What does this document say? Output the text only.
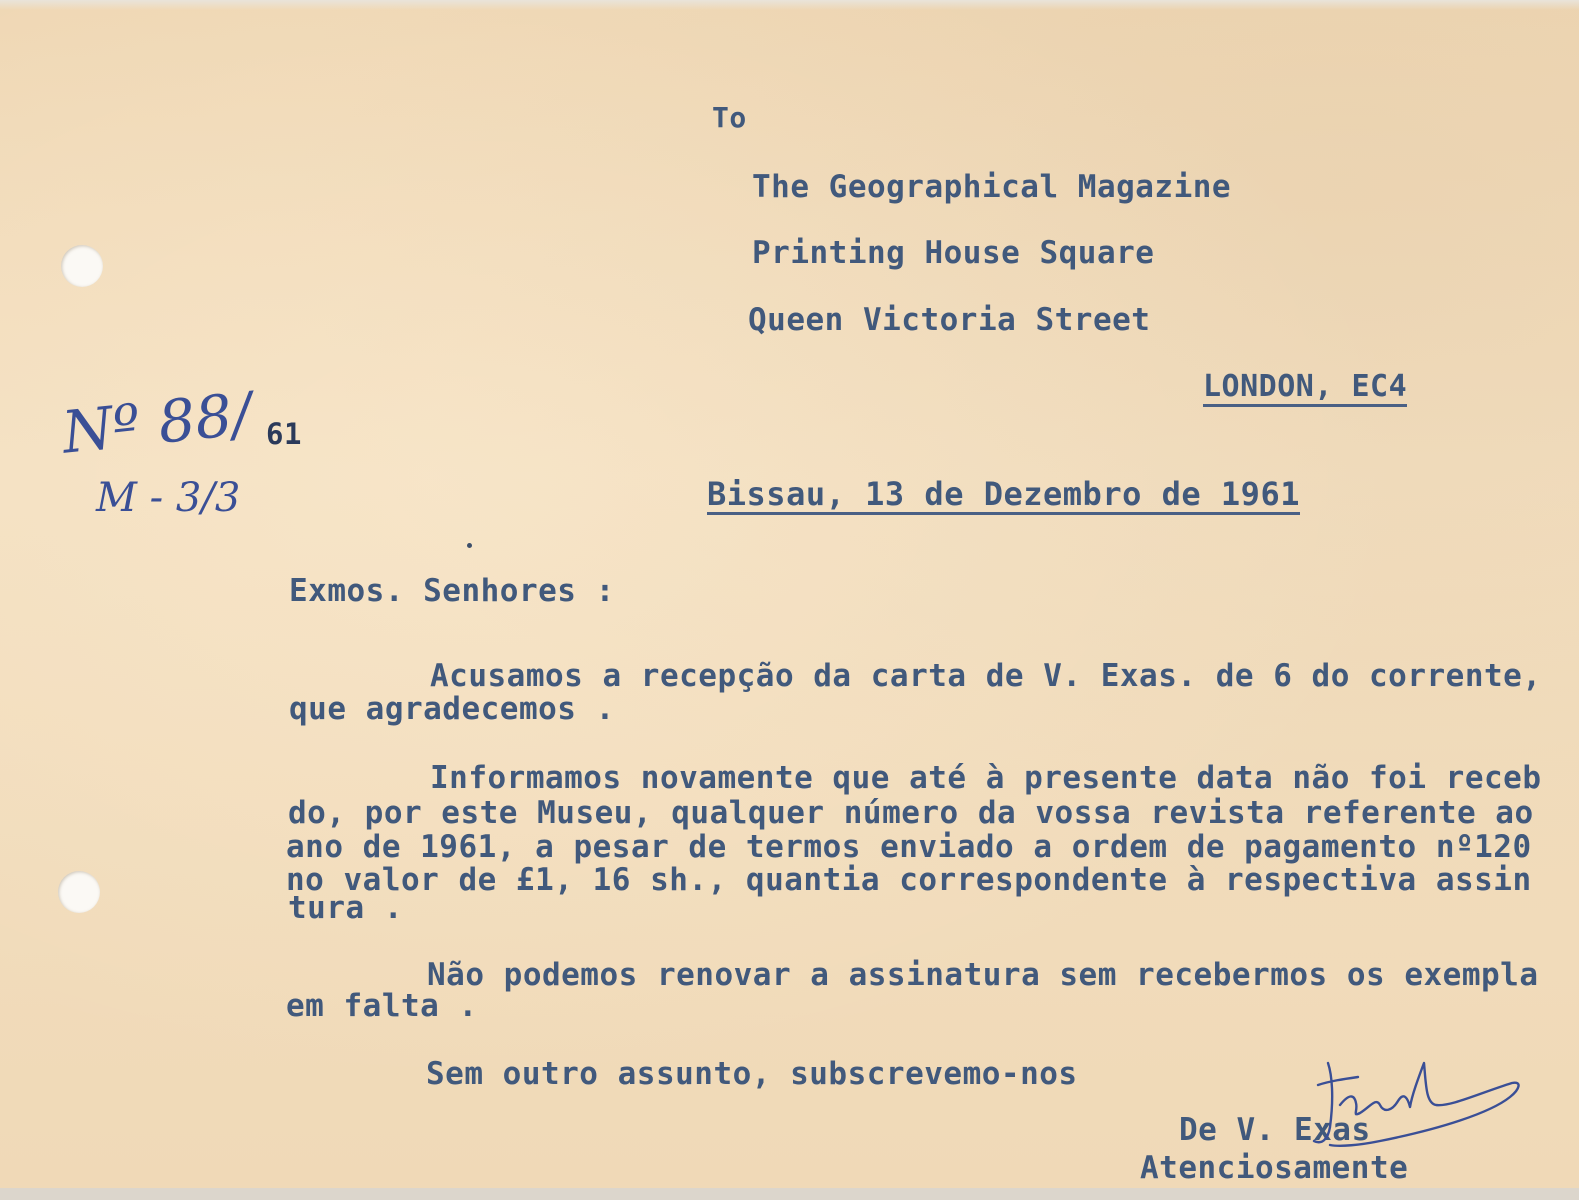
To
The Geographical Magazine
Printing House Square
Queen Victoria Street
LONDON, EC4
Nº 88/ 61
M - 3/3	Bissau, 13 de Dezembro de 1961
Exmos. Senhores :
Acusamos a recepção da carta de V. Exas. de 6 do corrente,
que agradecemos .
Informamos novamente que até à presente data não foi receb
do, por este Museu, qualquer número da vossa revista referente ao
ano de 1961, a pesar de termos enviado a ordem de pagamento nº120
no valor de £1, 16 sh., quantia correspondente à respectiva assin
tura .
Não podemos renovar a assinatura sem recebermos os exempla
em falta .
Sem outro assunto, subscrevemo-nos
De V. Exas
Atenciosamente
